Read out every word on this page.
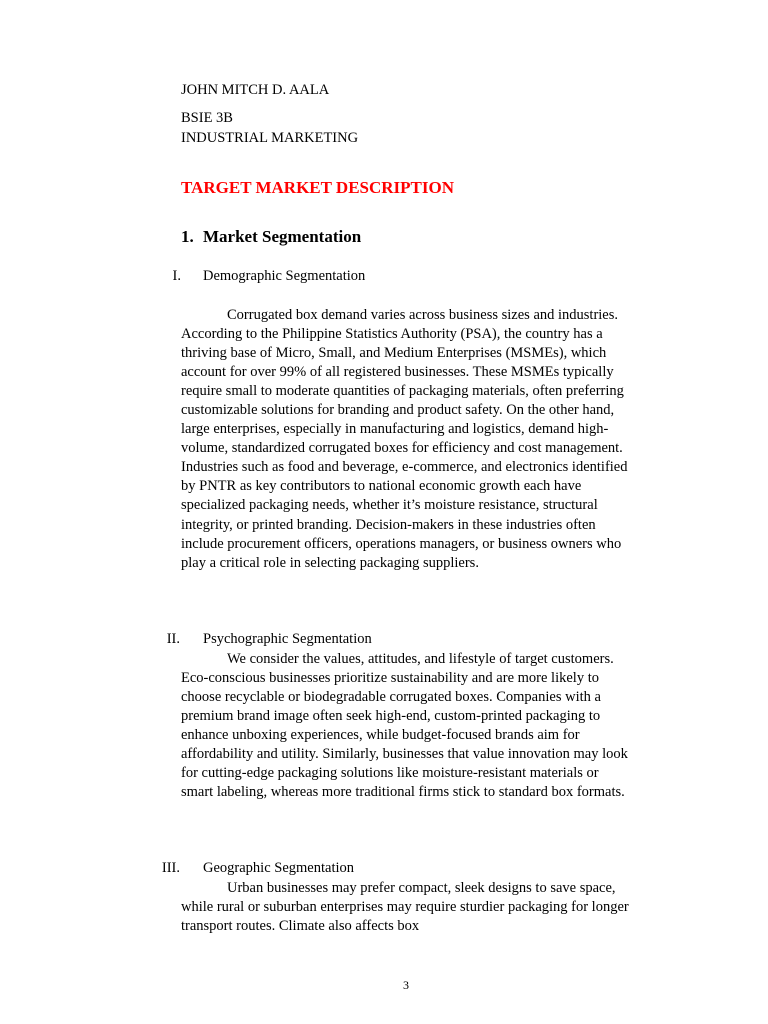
JOHN MITCH D. AALA
BSIE 3B
INDUSTRIAL MARKETING
TARGET MARKET DESCRIPTION
1. Market Segmentation
I. Demographic Segmentation
Corrugated box demand varies across business sizes and industries. According to the Philippine Statistics Authority (PSA), the country has a thriving base of Micro, Small, and Medium Enterprises (MSMEs), which account for over 99% of all registered businesses. These MSMEs typically require small to moderate quantities of packaging materials, often preferring customizable solutions for branding and product safety. On the other hand, large enterprises, especially in manufacturing and logistics, demand high-volume, standardized corrugated boxes for efficiency and cost management. Industries such as food and beverage, e-commerce, and electronics identified by PNTR as key contributors to national economic growth each have specialized packaging needs, whether it’s moisture resistance, structural integrity, or printed branding. Decision-makers in these industries often include procurement officers, operations managers, or business owners who play a critical role in selecting packaging suppliers.
II. Psychographic Segmentation
We consider the values, attitudes, and lifestyle of target customers. Eco-conscious businesses prioritize sustainability and are more likely to choose recyclable or biodegradable corrugated boxes. Companies with a premium brand image often seek high-end, custom-printed packaging to enhance unboxing experiences, while budget-focused brands aim for affordability and utility. Similarly, businesses that value innovation may look for cutting-edge packaging solutions like moisture-resistant materials or smart labeling, whereas more traditional firms stick to standard box formats.
III. Geographic Segmentation
Urban businesses may prefer compact, sleek designs to save space, while rural or suburban enterprises may require sturdier packaging for longer transport routes. Climate also affects box
3
